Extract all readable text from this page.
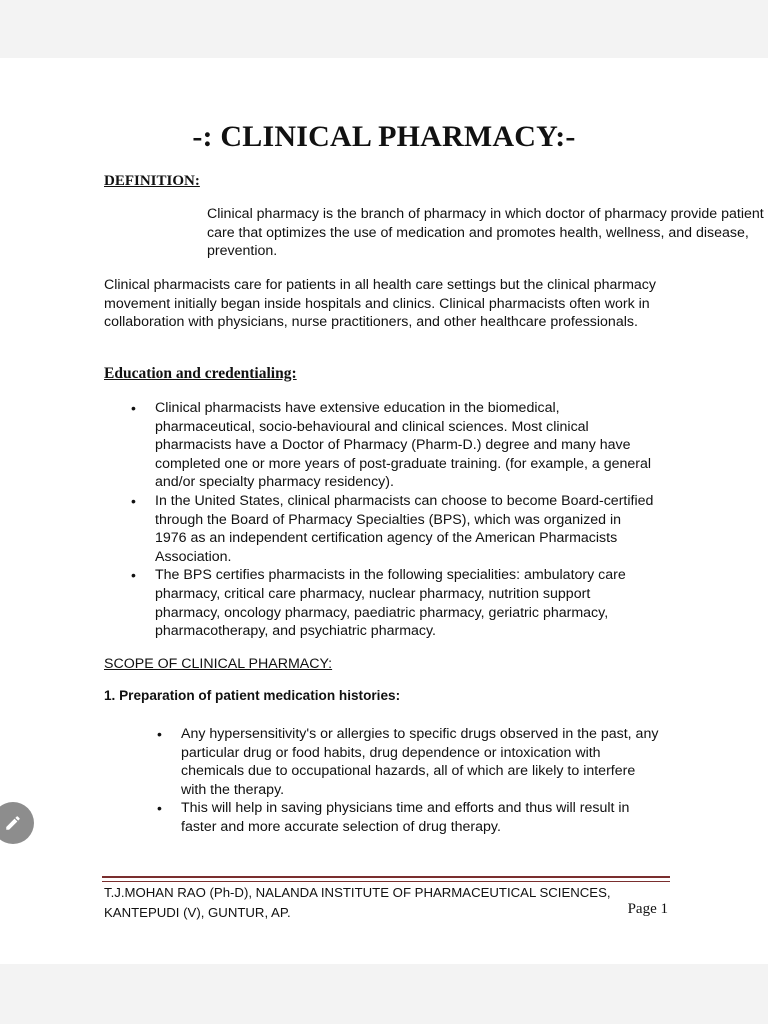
-: CLINICAL PHARMACY:-
DEFINITION:

Clinical pharmacy is the branch of pharmacy in which doctor of pharmacy provide patient care that optimizes the use of medication and promotes health, wellness, and disease, prevention.

Clinical pharmacists care for patients in all health care settings but the clinical pharmacy movement initially began inside hospitals and clinics. Clinical pharmacists often work in collaboration with physicians, nurse practitioners, and other healthcare professionals.

Education and credentialing:
• Clinical pharmacists have extensive education in the biomedical, pharmaceutical, socio-behavioural and clinical sciences. Most clinical pharmacists have a Doctor of Pharmacy (Pharm-D.) degree and many have completed one or more years of post-graduate training. (for example, a general and/or specialty pharmacy residency).
• In the United States, clinical pharmacists can choose to become Board-certified through the Board of Pharmacy Specialties (BPS), which was organized in 1976 as an independent certification agency of the American Pharmacists Association.
• The BPS certifies pharmacists in the following specialities: ambulatory care pharmacy, critical care pharmacy, nuclear pharmacy, nutrition support pharmacy, oncology pharmacy, paediatric pharmacy, geriatric pharmacy, pharmacotherapy, and psychiatric pharmacy.
SCOPE OF CLINICAL PHARMACY:
1. Preparation of patient medication histories:
• Any hypersensitivity's or allergies to specific drugs observed in the past, any particular drug or food habits, drug dependence or intoxication with chemicals due to occupational hazards, all of which are likely to interfere with the therapy.
• This will help in saving physicians time and efforts and thus will result in faster and more accurate selection of drug therapy.
T.J.MOHAN RAO (Ph-D), NALANDA INSTITUTE OF PHARMACEUTICAL SCIENCES,
KANTEPUDI (V), GUNTUR, AP.	Page 1
